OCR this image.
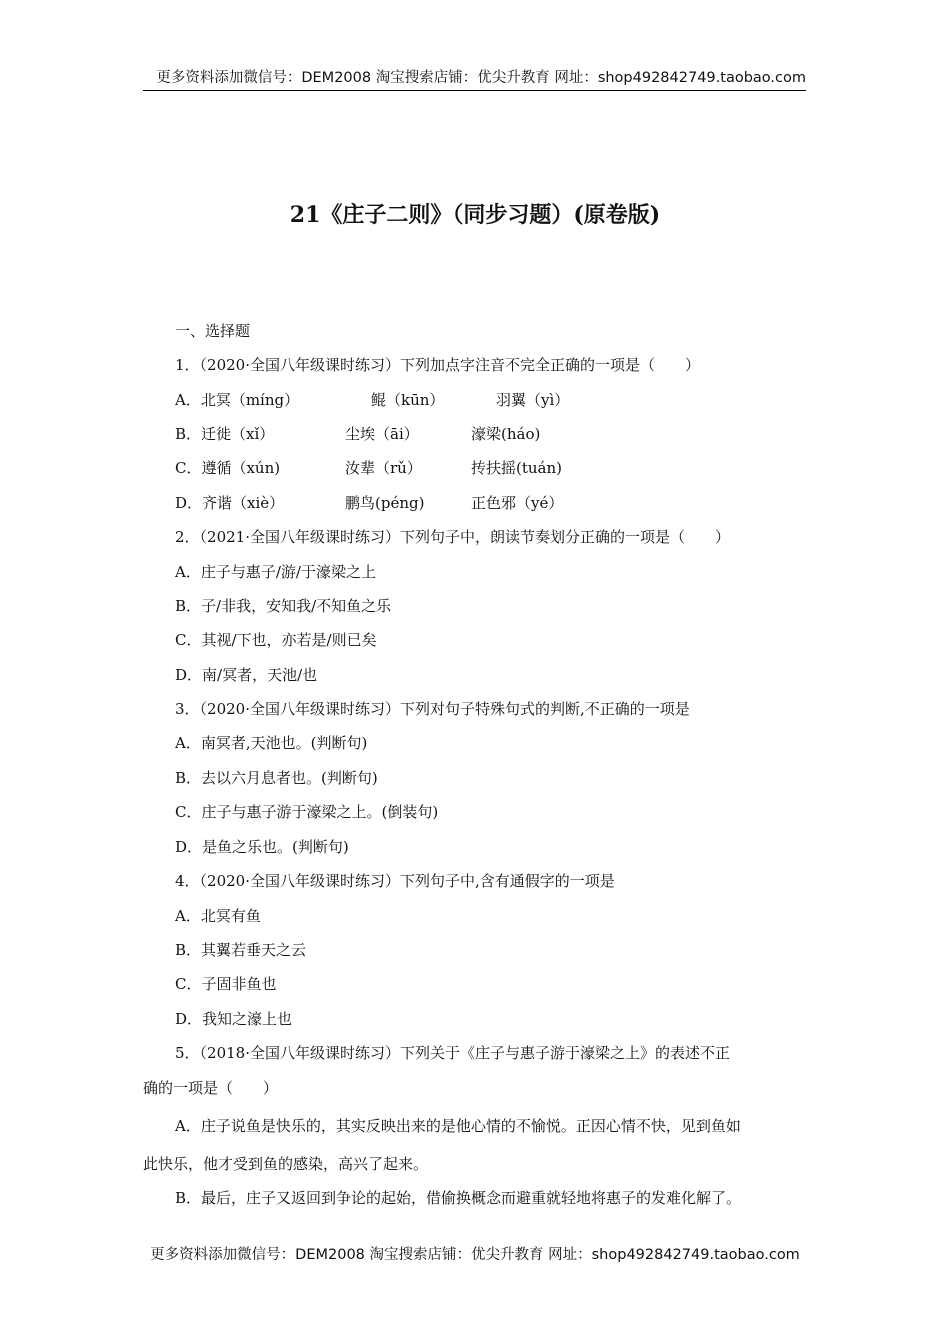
更多资料添加微信号：DEM2008 淘宝搜索店铺：优尖升教育 网址：shop492842749.taobao.com
21《庄子二则》（同步习题）(原卷版)
一、选择题
1．（2020·全国八年级课时练习）下列加点字注音不完全正确的一项是（　　）
A．北冥（míng）	鲲（kūn）	羽翼（yì）
B．迁徙（xǐ）	尘埃（āi）	濠梁(háo)
C．遵循（xún)	汝辈（rǔ）	抟扶摇(tuán)
D．齐谐（xiè）	鹏鸟(péng)	正色邪（yé）
2．（2021·全国八年级课时练习）下列句子中，朗读节奏划分正确的一项是（　　）
A．庄子与惠子/游/于濠梁之上
B．子/非我，安知我/不知鱼之乐
C．其视/下也，亦若是/则已矣
D．南/冥者，天池/也
3．（2020·全国八年级课时练习）下列对句子特殊句式的判断,不正确的一项是
A．南冥者,天池也。(判断句)
B．去以六月息者也。(判断句)
C．庄子与惠子游于濠梁之上。(倒装句)
D．是鱼之乐也。(判断句)
4．（2020·全国八年级课时练习）下列句子中,含有通假字的一项是
A．北冥有鱼
B．其翼若垂天之云
C．子固非鱼也
D．我知之濠上也
5．（2018·全国八年级课时练习）下列关于《庄子与惠子游于濠梁之上》的表述不正
确的一项是（　　）
A．庄子说鱼是快乐的，其实反映出来的是他心情的不愉悦。正因心情不快，见到鱼如
此快乐，他才受到鱼的感染，高兴了起来。
B．最后，庄子又返回到争论的起始，借偷换概念而避重就轻地将惠子的发难化解了。
更多资料添加微信号：DEM2008 淘宝搜索店铺：优尖升教育 网址：shop492842749.taobao.com
